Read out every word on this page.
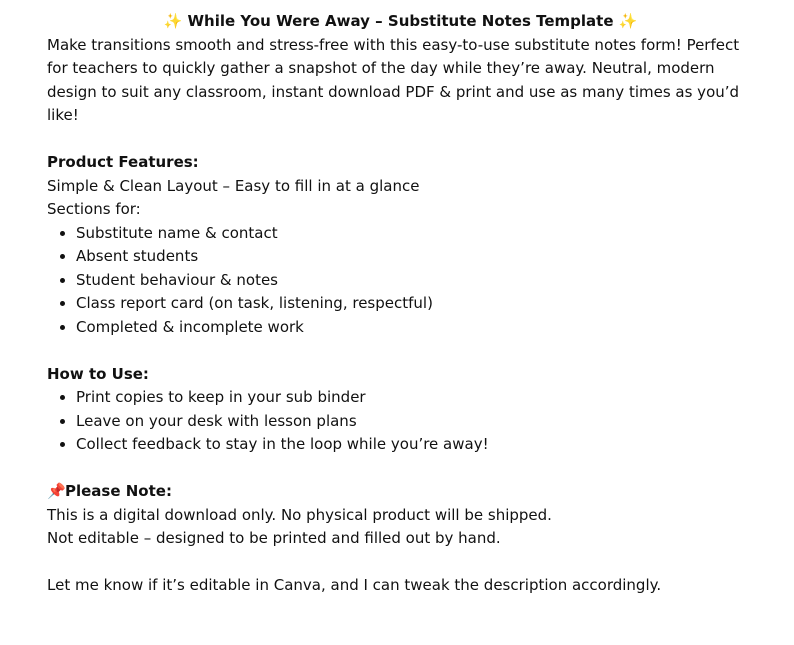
✨ While You Were Away – Substitute Notes Template ✨

Make transitions smooth and stress-free with this easy-to-use substitute notes form! Perfect for teachers to quickly gather a snapshot of the day while they’re away. Neutral, modern design to suit any classroom, instant download PDF & print and use as many times as you’d like!

Product Features:

Simple & Clean Layout – Easy to fill in at a glance

Sections for:

• Substitute name & contact
• Absent students
• Student behaviour & notes
• Class report card (on task, listening, respectful)
• Completed & incomplete work

How to Use:

• Print copies to keep in your sub binder
• Leave on your desk with lesson plans
• Collect feedback to stay in the loop while you’re away!

📌Please Note:

This is a digital download only. No physical product will be shipped.

Not editable – designed to be printed and filled out by hand.

Let me know if it’s editable in Canva, and I can tweak the description accordingly.
